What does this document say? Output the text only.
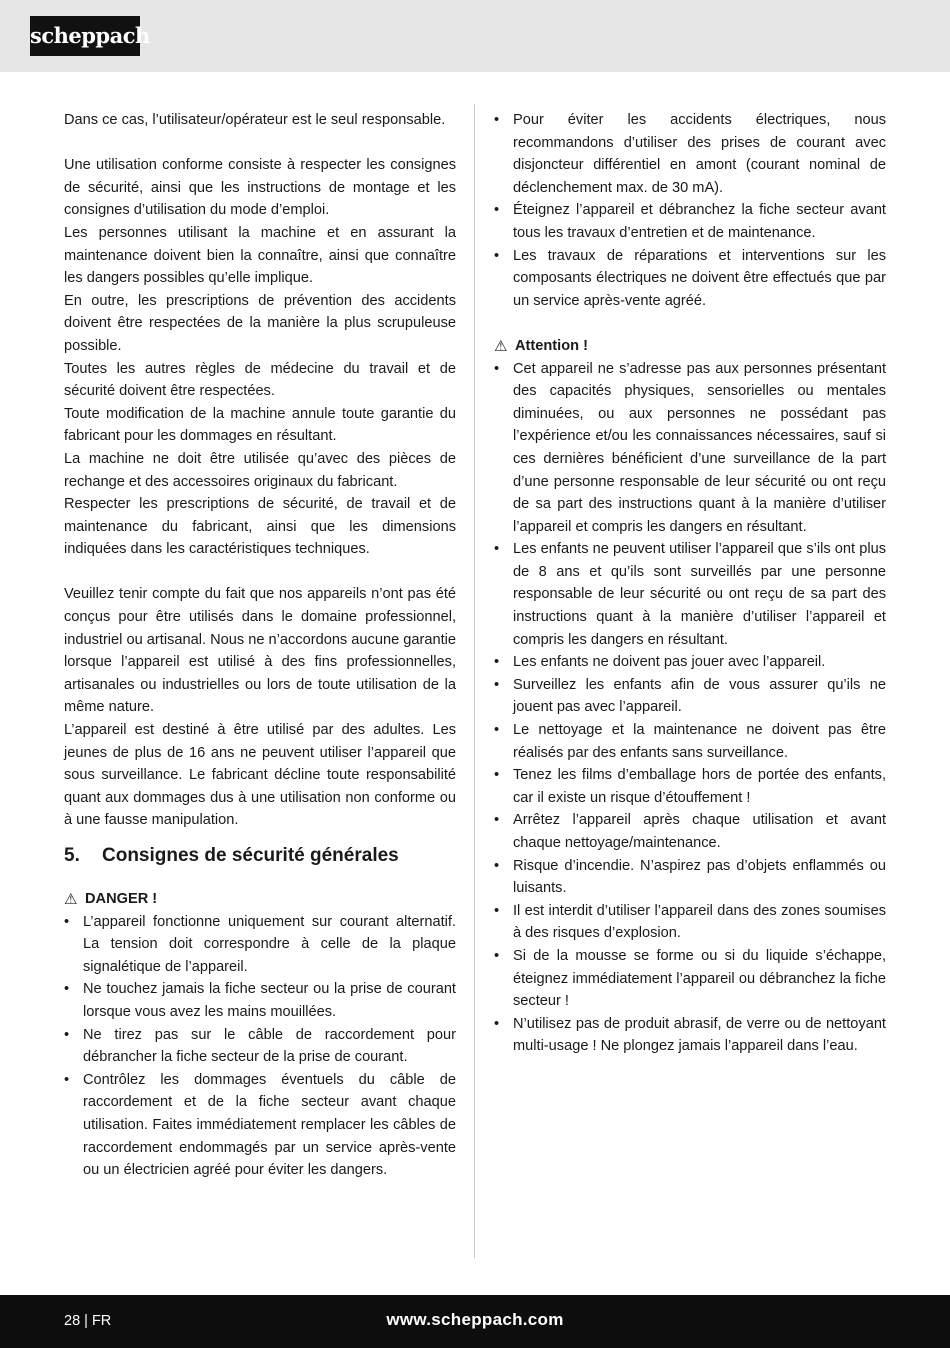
scheppach

Dans ce cas, l’utilisateur/opérateur est le seul responsable.

Une utilisation conforme consiste à respecter les consignes de sécurité, ainsi que les instructions de montage et les consignes d’utilisation du mode d’emploi.

Les personnes utilisant la machine et en assurant la maintenance doivent bien la connaître, ainsi que connaître les dangers possibles qu’elle implique.

En outre, les prescriptions de prévention des accidents doivent être respectées de la manière la plus scrupuleuse possible.

Toutes les autres règles de médecine du travail et de sécurité doivent être respectées.

Toute modification de la machine annule toute garantie du fabricant pour les dommages en résultant.

La machine ne doit être utilisée qu’avec des pièces de rechange et des accessoires originaux du fabricant.

Respecter les prescriptions de sécurité, de travail et de maintenance du fabricant, ainsi que les dimensions indiquées dans les caractéristiques techniques.

Veuillez tenir compte du fait que nos appareils n’ont pas été conçus pour être utilisés dans le domaine professionnel, industriel ou artisanal. Nous ne n’accordons aucune garantie lorsque l’appareil est utilisé à des fins professionnelles, artisanales ou industrielles ou lors de toute utilisation de la même nature.

L’appareil est destiné à être utilisé par des adultes. Les jeunes de plus de 16 ans ne peuvent utiliser l’appareil que sous surveillance. Le fabricant décline toute responsabilité quant aux dommages dus à une utilisation non conforme ou à une fausse manipulation.

5.	Consignes de sécurité générales
⚠ DANGER !
• L’appareil fonctionne uniquement sur courant alternatif. La tension doit correspondre à celle de la plaque signalétique de l’appareil.
• Ne touchez jamais la fiche secteur ou la prise de courant lorsque vous avez les mains mouillées.
• Ne tirez pas sur le câble de raccordement pour débrancher la fiche secteur de la prise de courant.
• Contrôlez les dommages éventuels du câble de raccordement et de la fiche secteur avant chaque utilisation. Faites immédiatement remplacer les câbles de raccordement endommagés par un service après-vente ou un électricien agréé pour éviter les dangers.
• Pour éviter les accidents électriques, nous recommandons d’utiliser des prises de courant avec disjoncteur différentiel en amont (courant nominal de déclenchement max. de 30 mA).
• Éteignez l’appareil et débranchez la fiche secteur avant tous les travaux d’entretien et de maintenance.
• Les travaux de réparations et interventions sur les composants électriques ne doivent être effectués que par un service après-vente agréé.
⚠ Attention !
• Cet appareil ne s’adresse pas aux personnes présentant des capacités physiques, sensorielles ou mentales diminuées, ou aux personnes ne possédant pas l’expérience et/ou les connaissances nécessaires, sauf si ces dernières bénéficient d’une surveillance de la part d’une personne responsable de leur sécurité ou ont reçu de sa part des instructions quant à la manière d’utiliser l’appareil et compris les dangers en résultant.
• Les enfants ne peuvent utiliser l’appareil que s’ils ont plus de 8 ans et qu’ils sont surveillés par une personne responsable de leur sécurité ou ont reçu de sa part des instructions quant à la manière d’utiliser l’appareil et compris les dangers en résultant.
• Les enfants ne doivent pas jouer avec l’appareil.
• Surveillez les enfants afin de vous assurer qu’ils ne jouent pas avec l’appareil.
• Le nettoyage et la maintenance ne doivent pas être réalisés par des enfants sans surveillance.
• Tenez les films d’emballage hors de portée des enfants, car il existe un risque d’étouffement !
• Arrêtez l’appareil après chaque utilisation et avant chaque nettoyage/maintenance.
• Risque d’incendie. N’aspirez pas d’objets enflammés ou luisants.
• Il est interdit d’utiliser l’appareil dans des zones soumises à des risques d’explosion.
• Si de la mousse se forme ou si du liquide s’échappe, éteignez immédiatement l’appareil ou débranchez la fiche secteur !
• N’utilisez pas de produit abrasif, de verre ou de nettoyant multi-usage ! Ne plongez jamais l’appareil dans l’eau.
28 | FR	www.scheppach.com
